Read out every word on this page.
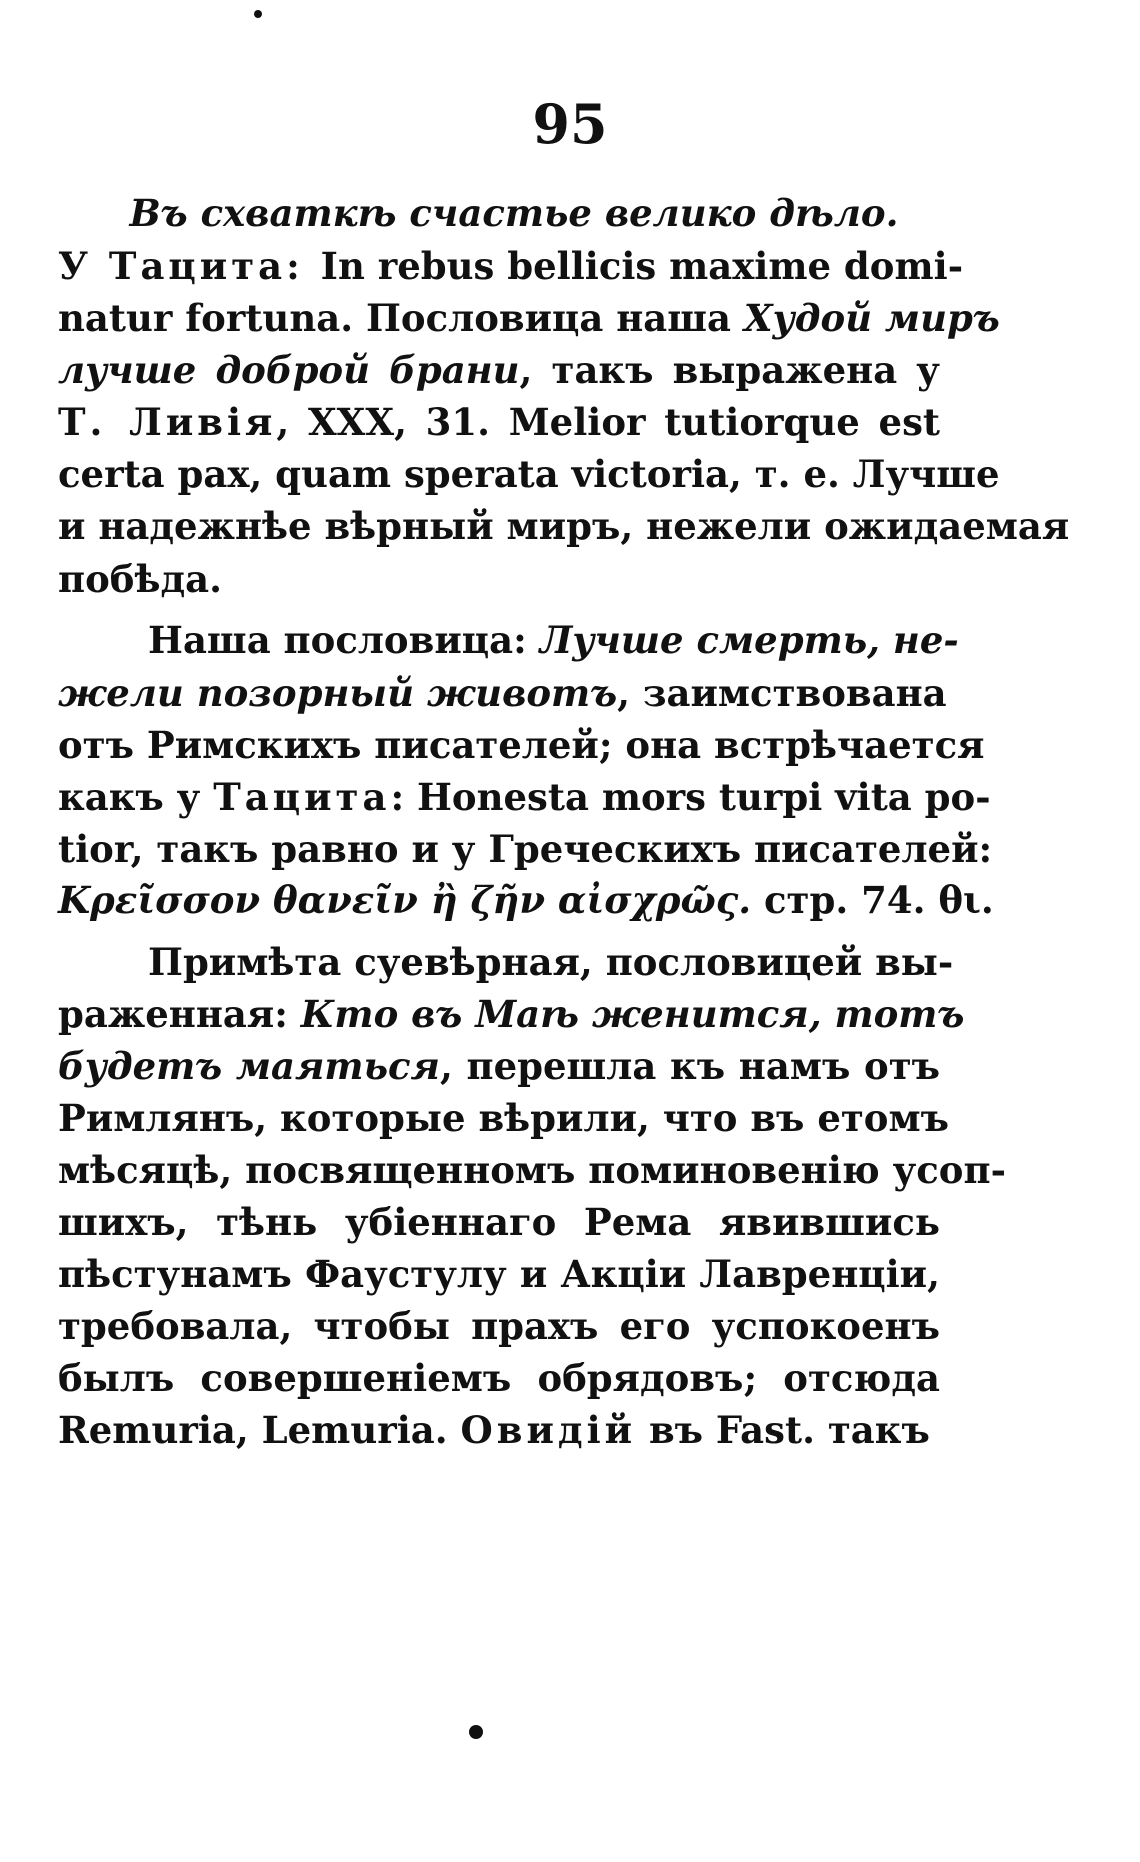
95
Въ схваткѣ счастье велико дѣло.
У Тацита: In rebus bellicis maxime domi-
natur fortuna. Пословица наша Худой миръ
лучше доброй брани, такъ выражена у
Т. Ливія, XXX, 31. Melior tutiorque est
certa pax, quam sperata victoria, т. е. Лучше
и надежнѣе вѣрный миръ, нежели ожидаемая
побѣда.
Наша пословица: Лучше смерть, не-
жели позорный животъ, заимствована
отъ Римскихъ писателей; она встрѣчается
какъ у Тацита: Honesta mors turpi vita po-
tior, такъ равно и у Греческихъ писателей:
Κρεῖσσον θανεῖν ἢ ζῆν αἰσχρῶς. стр. 74. θι.
Примѣта суевѣрная, пословицей вы-
раженная: Кто въ Маѣ женится, тотъ
будетъ маяться, перешла къ намъ отъ
Римлянъ, которые вѣрили, что въ етомъ
мѣсяцѣ, посвященномъ поминовенію усоп-
шихъ, тѣнь убіеннаго Рема явившись
пѣстунамъ Фаустулу и Акціи Лавренціи,
требовала, чтобы прахъ его успокоенъ
былъ совершеніемъ обрядовъ; отсюда
Remuria, Lemuria. Овидій въ Fast. такъ
